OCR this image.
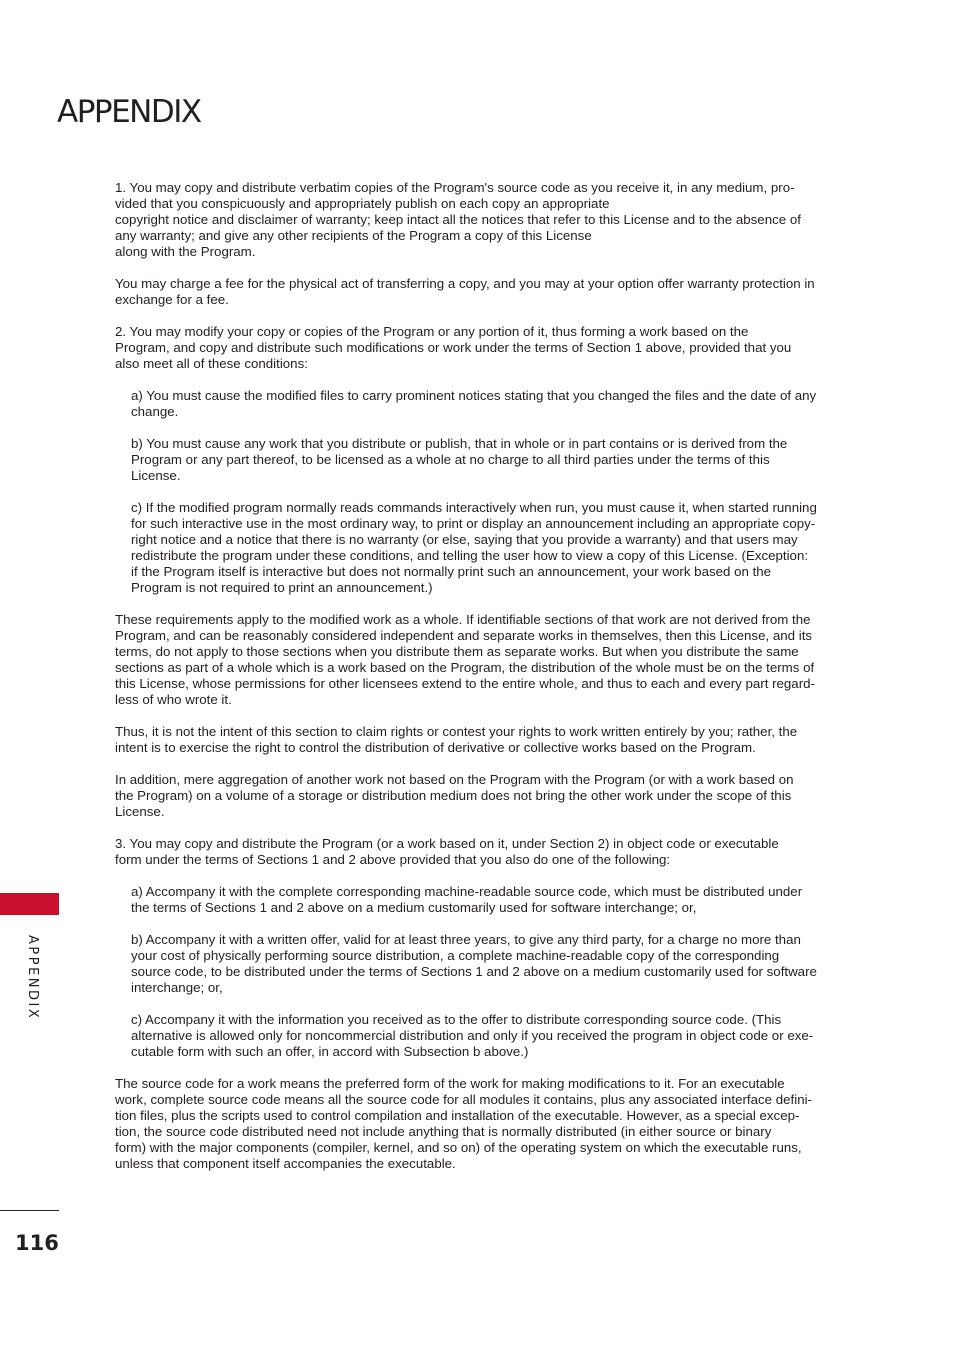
APPENDIX

1. You may copy and distribute verbatim copies of the Program's source code as you receive it, in any medium, pro-
vided that you conspicuously and appropriately publish on each copy an appropriate
copyright notice and disclaimer of warranty; keep intact all the notices that refer to this License and to the absence of
any warranty; and give any other recipients of the Program a copy of this License
along with the Program.

You may charge a fee for the physical act of transferring a copy, and you may at your option offer warranty protection in
exchange for a fee.

2. You may modify your copy or copies of the Program or any portion of it, thus forming a work based on the
Program, and copy and distribute such modifications or work under the terms of Section 1 above, provided that you
also meet all of these conditions:

a) You must cause the modified files to carry prominent notices stating that you changed the files and the date of any
change.

b) You must cause any work that you distribute or publish, that in whole or in part contains or is derived from the
Program or any part thereof, to be licensed as a whole at no charge to all third parties under the terms of this
License.

c) If the modified program normally reads commands interactively when run, you must cause it, when started running
for such interactive use in the most ordinary way, to print or display an announcement including an appropriate copy-
right notice and a notice that there is no warranty (or else, saying that you provide a warranty) and that users may
redistribute the program under these conditions, and telling the user how to view a copy of this License. (Exception:
if the Program itself is interactive but does not normally print such an announcement, your work based on the
Program is not required to print an announcement.)

These requirements apply to the modified work as a whole. If identifiable sections of that work are not derived from the
Program, and can be reasonably considered independent and separate works in themselves, then this License, and its
terms, do not apply to those sections when you distribute them as separate works. But when you distribute the same
sections as part of a whole which is a work based on the Program, the distribution of the whole must be on the terms of
this License, whose permissions for other licensees extend to the entire whole, and thus to each and every part regard-
less of who wrote it.

Thus, it is not the intent of this section to claim rights or contest your rights to work written entirely by you; rather, the
intent is to exercise the right to control the distribution of derivative or collective works based on the Program.

In addition, mere aggregation of another work not based on the Program with the Program (or with a work based on
the Program) on a volume of a storage or distribution medium does not bring the other work under the scope of this
License.

3. You may copy and distribute the Program (or a work based on it, under Section 2) in object code or executable
form under the terms of Sections 1 and 2 above provided that you also do one of the following:

a) Accompany it with the complete corresponding machine-readable source code, which must be distributed under
the terms of Sections 1 and 2 above on a medium customarily used for software interchange; or,

b) Accompany it with a written offer, valid for at least three years, to give any third party, for a charge no more than
your cost of physically performing source distribution, a complete machine-readable copy of the corresponding
source code, to be distributed under the terms of Sections 1 and 2 above on a medium customarily used for software
interchange; or,

c) Accompany it with the information you received as to the offer to distribute corresponding source code. (This
alternative is allowed only for noncommercial distribution and only if you received the program in object code or exe-
cutable form with such an offer, in accord with Subsection b above.)

The source code for a work means the preferred form of the work for making modifications to it. For an executable
work, complete source code means all the source code for all modules it contains, plus any associated interface defini-
tion files, plus the scripts used to control compilation and installation of the executable. However, as a special excep-
tion, the source code distributed need not include anything that is normally distributed (in either source or binary
form) with the major components (compiler, kernel, and so on) of the operating system on which the executable runs,
unless that component itself accompanies the executable.

APPENDIX
116
